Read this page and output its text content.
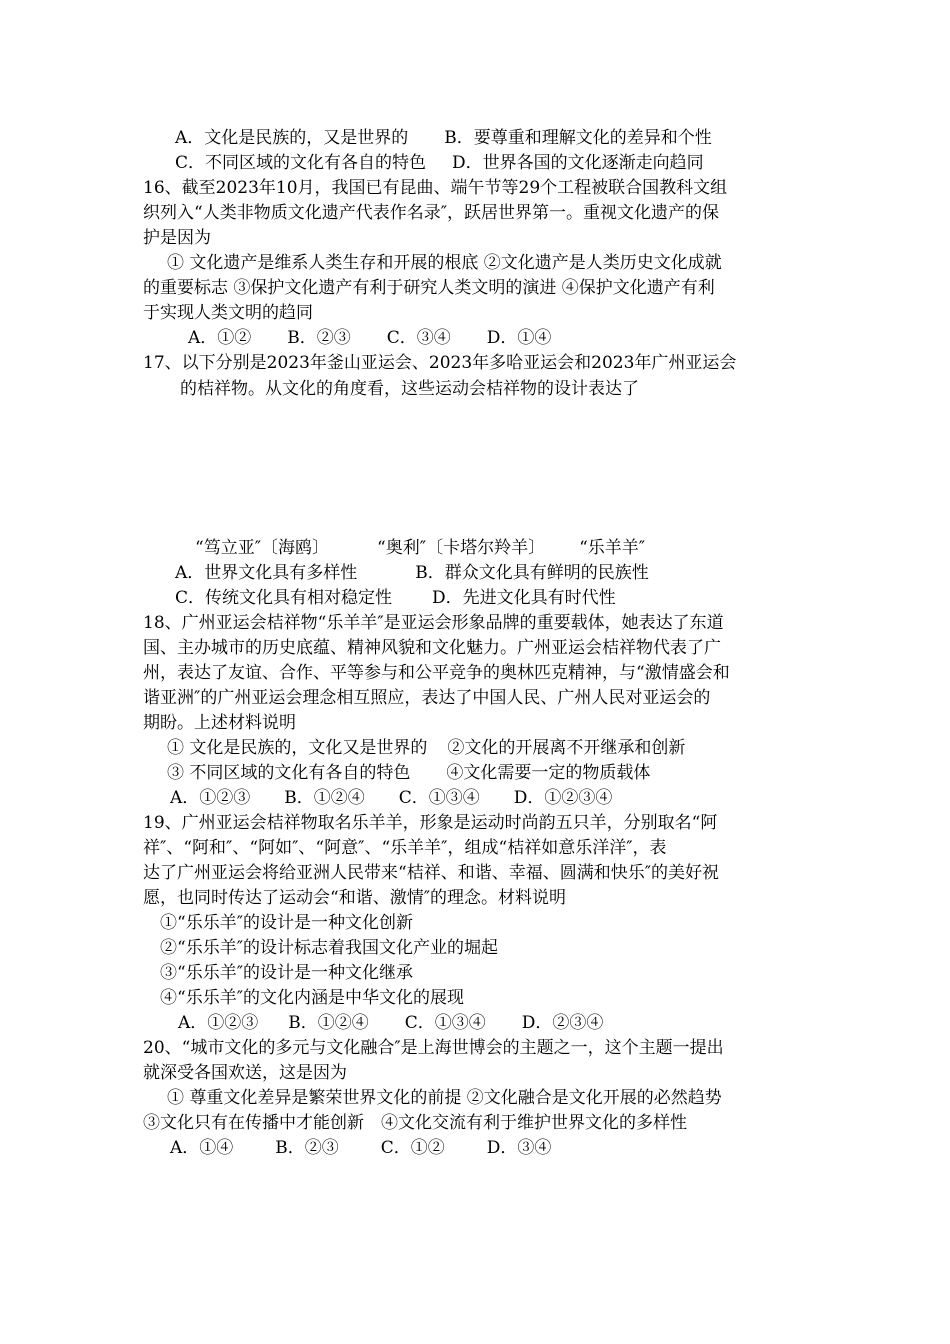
A．文化是民族的，又是世界的 B．要尊重和理解文化的差异和个性
C．不同区域的文化有各自的特色 D．世界各国的文化逐渐走向趋同
16、截至2023年10月，我国已有昆曲、端午节等29个工程被联合国教科文组
织列入“人类非物质文化遗产代表作名录″，跃居世界第一。重视文化遗产的保
护是因为
① 文化遗产是维系人类生存和开展的根底 ②文化遗产是人类历史文化成就
的重要标志 ③保护文化遗产有利于研究人类文明的演进 ④保护文化遗产有利
于实现人类文明的趋同
A．①② B．②③ C．③④ D．①④
17、以下分别是2023年釜山亚运会、2023年多哈亚运会和2023年广州亚运会
的桔祥物。从文化的角度看，这些运动会桔祥物的设计表达了
“笃立亚″〔海鸥〕	“奥利″〔卡塔尔羚羊〕 “乐羊羊″
A．世界文化具有多样性	B．群众文化具有鲜明的民族性
C．传统文化具有相对稳定性 D．先进文化具有时代性
18、广州亚运会桔祥物“乐羊羊″是亚运会形象品牌的重要载体，她表达了东道
国、主办城市的历史底蕴、精神风貌和文化魅力。广州亚运会桔祥物代表了广
州，表达了友谊、合作、平等参与和公平竞争的奥林匹克精神，与“激情盛会和
谐亚洲″的广州亚运会理念相互照应，表达了中国人民、广州人民对亚运会的
期盼。上述材料说明
① 文化是民族的，文化又是世界的 ②文化的开展离不开继承和创新
③ 不同区域的文化有各自的特色 ④文化需要一定的物质载体
A．①②③ B．①②④ C．①③④ D．①②③④
19、广州亚运会桔祥物取名乐羊羊，形象是运动时尚韵五只羊，分别取名“阿
祥″、“阿和″、“阿如″、“阿意″、“乐羊羊″，组成“桔祥如意乐洋洋″，表
达了广州亚运会将给亚洲人民带来“桔祥、和谐、幸福、圆满和快乐″的美好祝
愿，也同时传达了运动会“和谐、激情″的理念。材料说明
①“乐乐羊″的设计是一种文化创新
②“乐乐羊″的设计标志着我国文化产业的堀起
③“乐乐羊″的设计是一种文化继承
④“乐乐羊″的文化内涵是中华文化的展现
A．①②③ B．①②④ C．①③④ D．②③④
20、“城市文化的多元与文化融合″是上海世博会的主题之一，这个主题一提出
就深受各国欢送，这是因为
① 尊重文化差异是繁荣世界文化的前提 ②文化融合是文化开展的必然趋势
③文化只有在传播中才能创新　④文化交流有利于维护世界文化的多样性
A．①④ B．②③ C．①② D．③④
